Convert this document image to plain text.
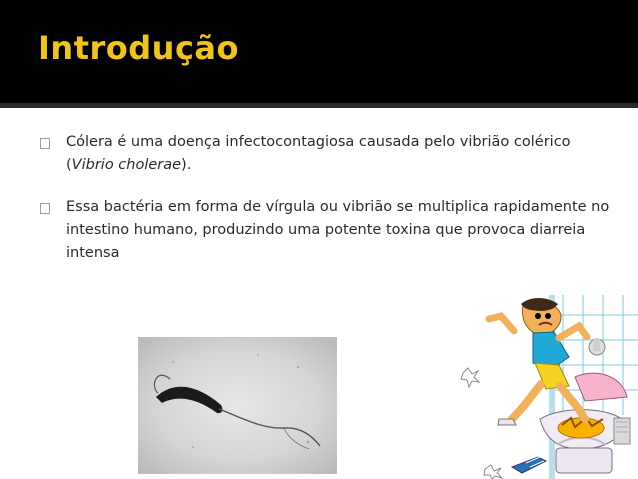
Introdução
Cólera é uma doença infectocontagiosa causada pelo vibrião colérico (Vibrio cholerae).
Essa bactéria em forma de vírgula ou vibrião se multiplica rapidamente no intestino humano, produzindo uma potente toxina que provoca diarreia intensa
